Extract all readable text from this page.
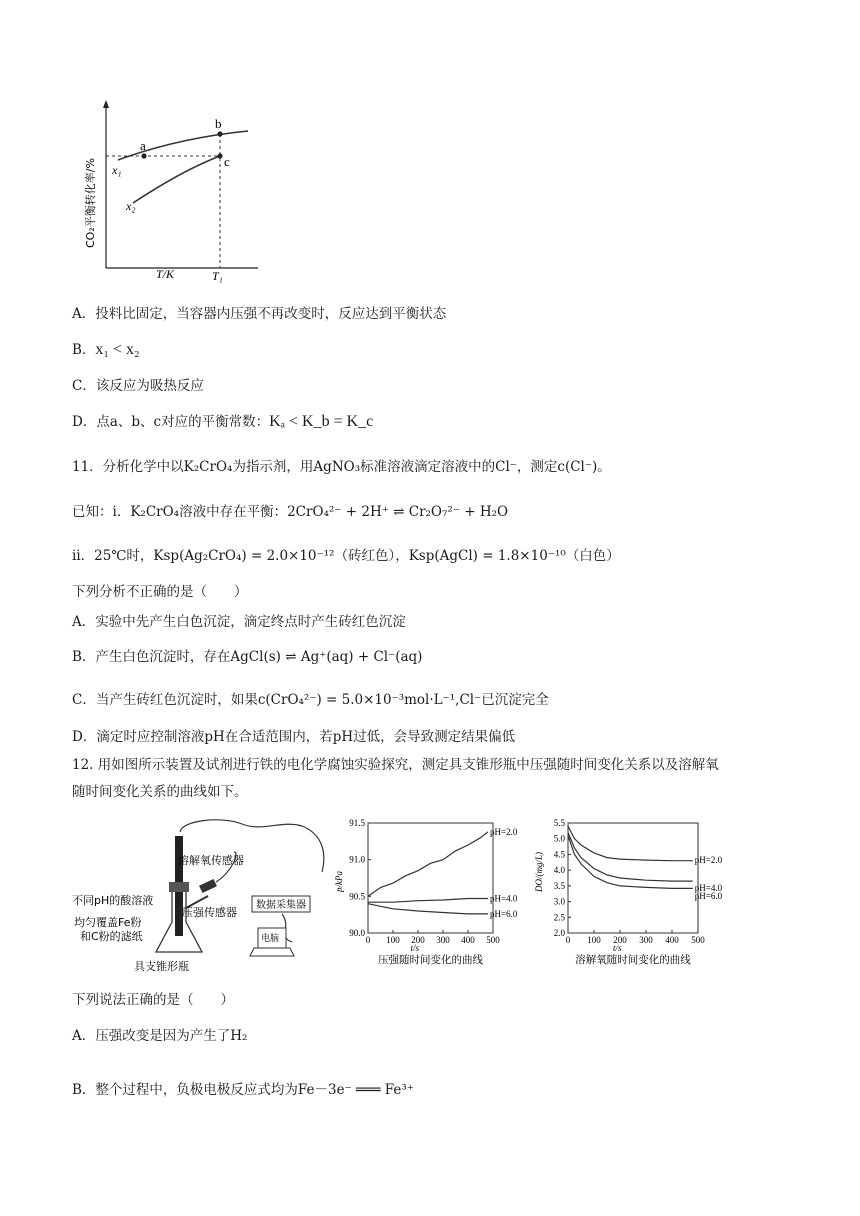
a
b
c
x₁
x₂
CO₂平衡转化率/%
T/K	T₁
A．投料比固定，当容器内压强不再改变时，反应达到平衡状态
B．x₁ < x₂
C．该反应为吸热反应
D．点a、b、c对应的平衡常数：Kₐ < K_b = K_c
11．分析化学中以K₂CrO₄为指示剂，用AgNO₃标准溶液滴定溶液中的Cl⁻，测定c(Cl⁻)。
已知：ⅰ．K₂CrO₄溶液中存在平衡：2CrO₄²⁻ + 2H⁺ ⇌ Cr₂O₇²⁻ + H₂O
ⅱ．25℃时，Ksp(Ag₂CrO₄) = 2.0×10⁻¹²（砖红色），Ksp(AgCl) = 1.8×10⁻¹⁰（白色）
下列分析不正确的是（　　）
A．实验中先产生白色沉淀，滴定终点时产生砖红色沉淀
B．产生白色沉淀时，存在AgCl(s) ⇌ Ag⁺(aq) + Cl⁻(aq)
C．当产生砖红色沉淀时，如果c(CrO₄²⁻) = 5.0×10⁻³mol·L⁻¹,Cl⁻已沉淀完全
D．滴定时应控制溶液pH在合适范围内，若pH过低，会导致测定结果偏低
12. 用如图所示装置及试剂进行铁的电化学腐蚀实验探究，测定具支锥形瓶中压强随时间变化关系以及溶解氧
随时间变化关系的曲线如下。
溶解氧传感器
不同pH的酸溶液
均匀覆盖Fe粉
和C粉的滤纸
压强传感器
数据采集器
电脑
具支锥形瓶
0 100 200 300 400 500
90.0
90.5
91.0
91.5
t/s
p/kPa
压强随时间变化的曲线
pH=2.0
pH=4.0
pH=6.0
0 100 200 300 400 500
2.0
2.5
3.0
3.5
4.0
4.5
5.0
5.5
t/s
DO/(mg/L)
溶解氧随时间变化的曲线
pH=2.0
pH=4.0
pH=6.0
下列说法正确的是（　　）
A．压强改变是因为产生了H₂
B．整个过程中，负极电极反应式均为Fe－3e⁻ ═══ Fe³⁺
